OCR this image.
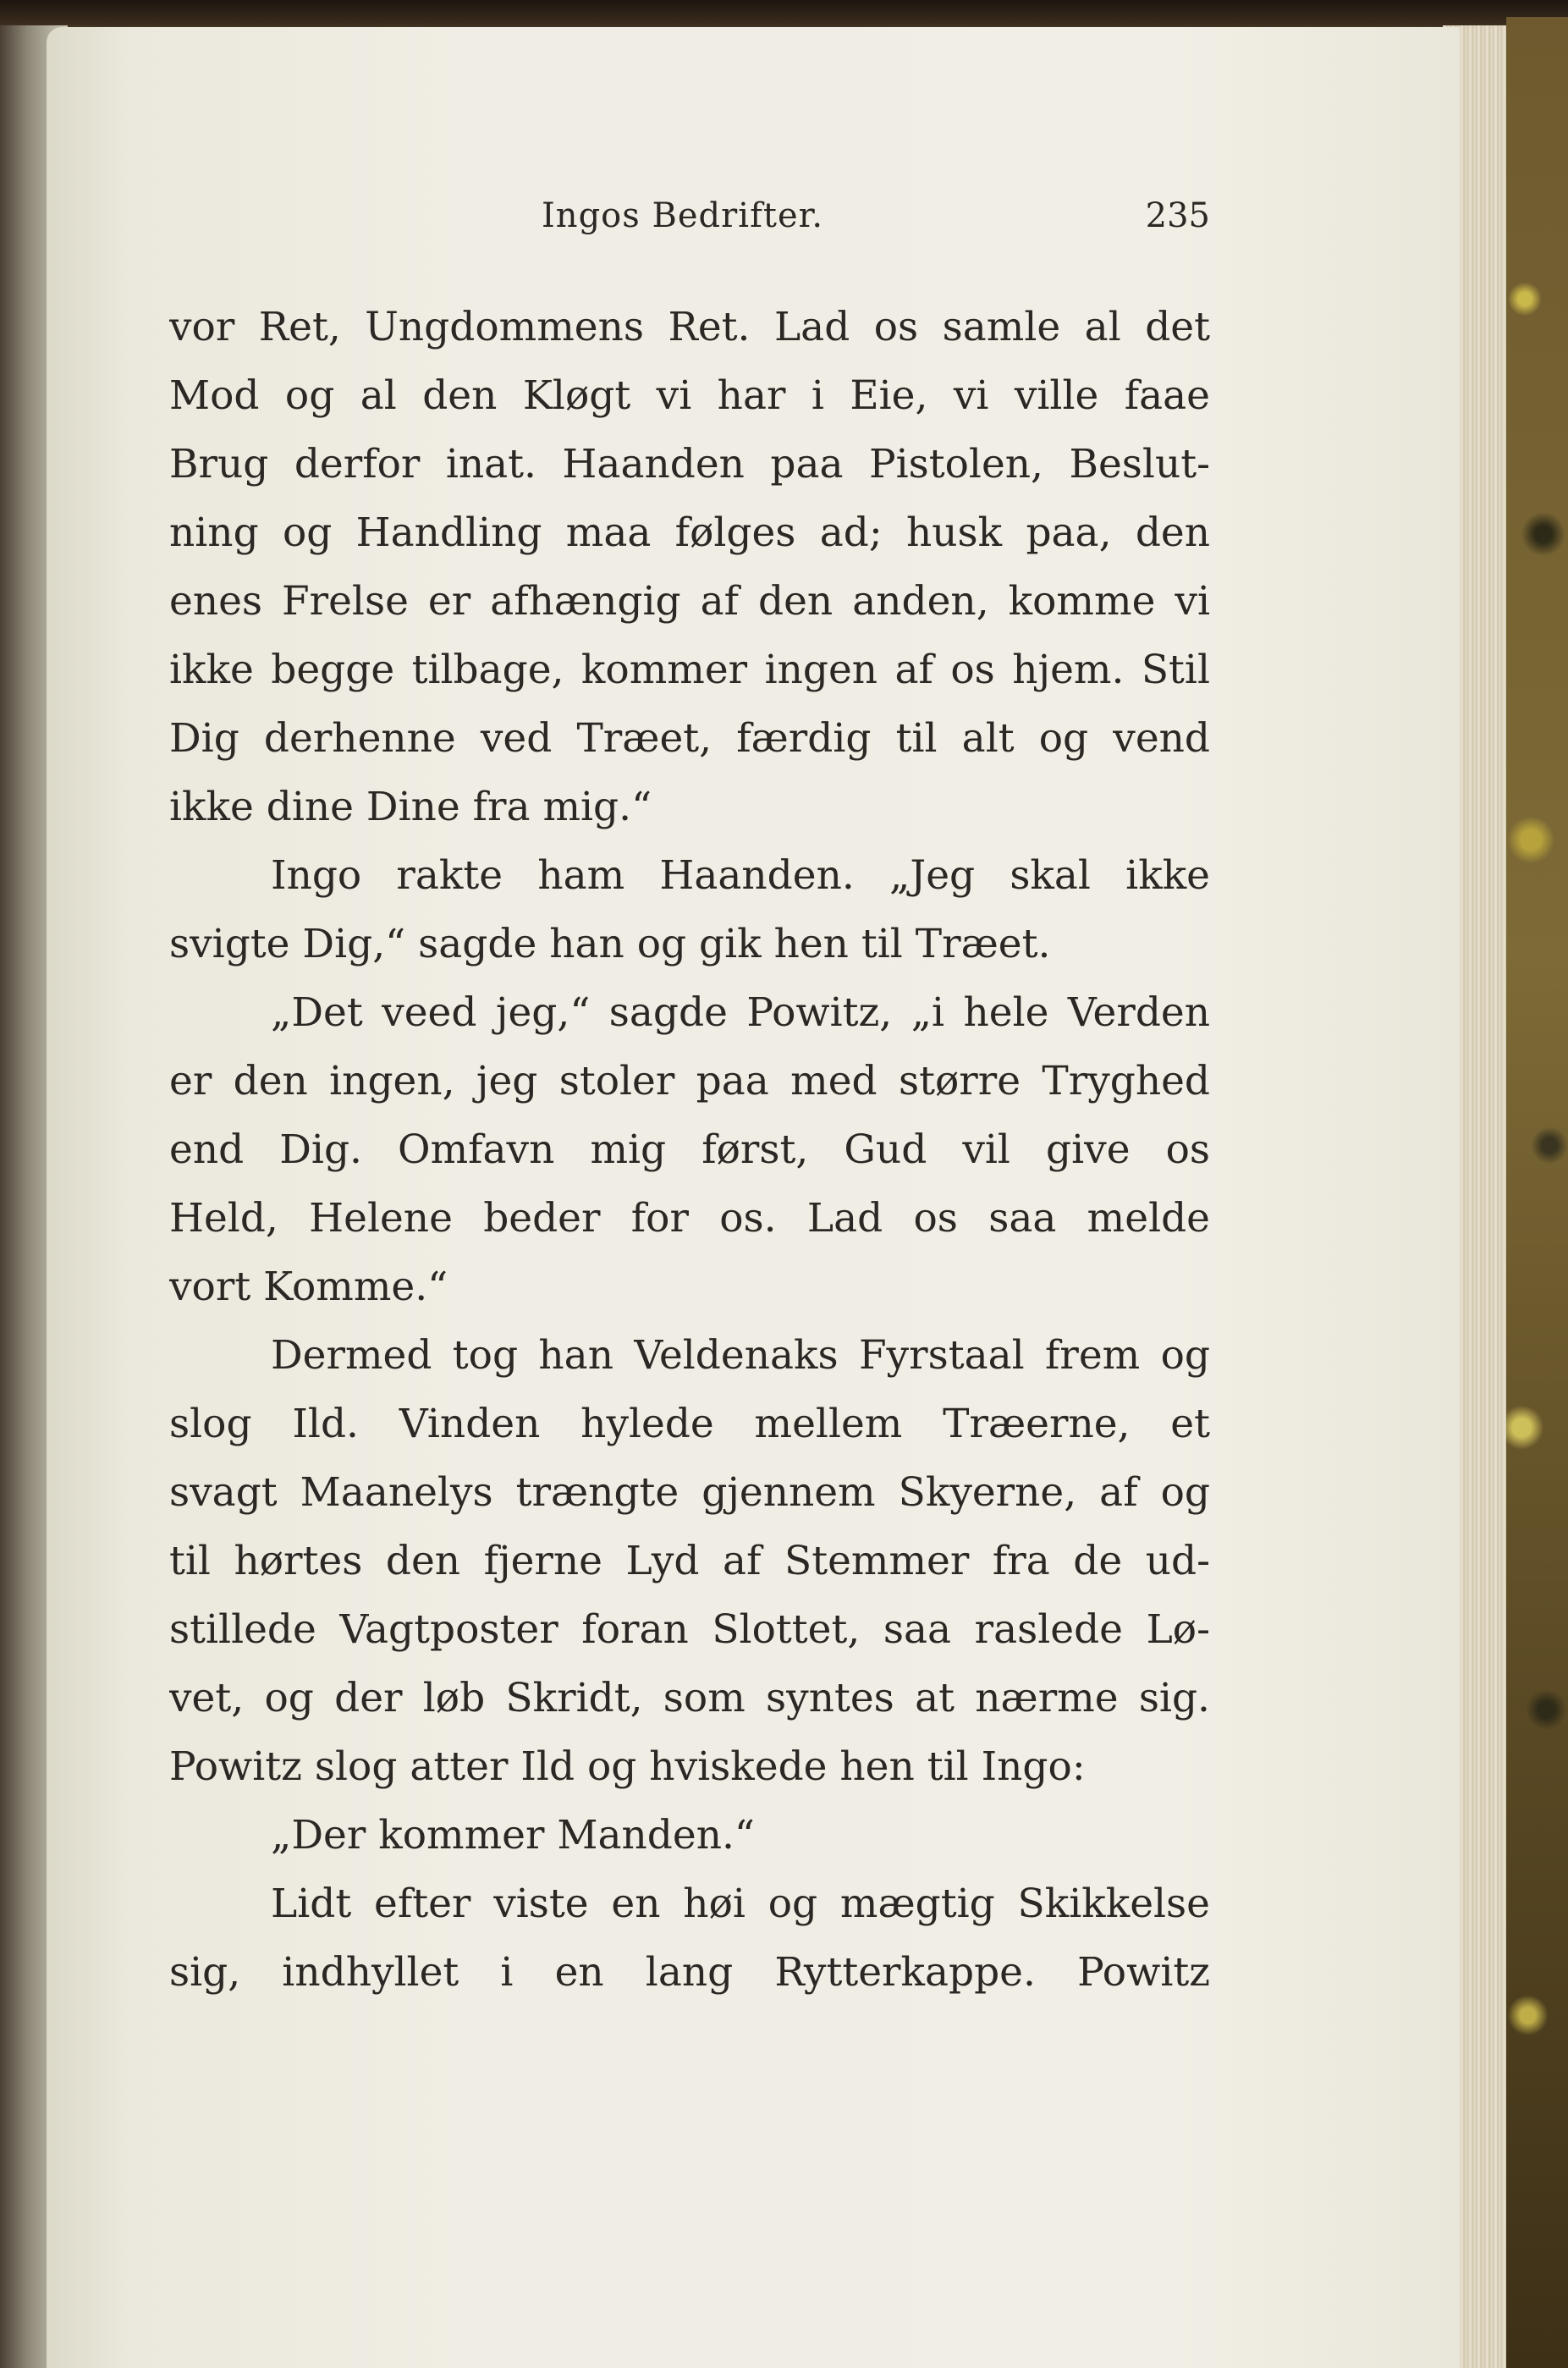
Ingos Bedrifter.	235
vor Ret, Ungdommens Ret. Lad os samle al det
Mod og al den Kløgt vi har i Eie, vi ville faae
Brug derfor inat. Haanden paa Pistolen, Beslut-
ning og Handling maa følges ad; husk paa, den
enes Frelse er afhængig af den anden, komme vi
ikke begge tilbage, kommer ingen af os hjem. Stil
Dig derhenne ved Træet, færdig til alt og vend
ikke dine Dine fra mig.“
Ingo rakte ham Haanden. „Jeg skal ikke
svigte Dig,“ sagde han og gik hen til Træet.
„Det veed jeg,“ sagde Powitz, „i hele Verden
er den ingen, jeg stoler paa med større Tryghed
end Dig. Omfavn mig først, Gud vil give os
Held, Helene beder for os. Lad os saa melde
vort Komme.“
Dermed tog han Veldenaks Fyrstaal frem og
slog Ild. Vinden hylede mellem Træerne, et
svagt Maanelys trængte gjennem Skyerne, af og
til hørtes den fjerne Lyd af Stemmer fra de ud-
stillede Vagtposter foran Slottet, saa raslede Lø-
vet, og der løb Skridt, som syntes at nærme sig.
Powitz slog atter Ild og hviskede hen til Ingo:
„Der kommer Manden.“
Lidt efter viste en høi og mægtig Skikkelse
sig, indhyllet i en lang Rytterkappe. Powitz
